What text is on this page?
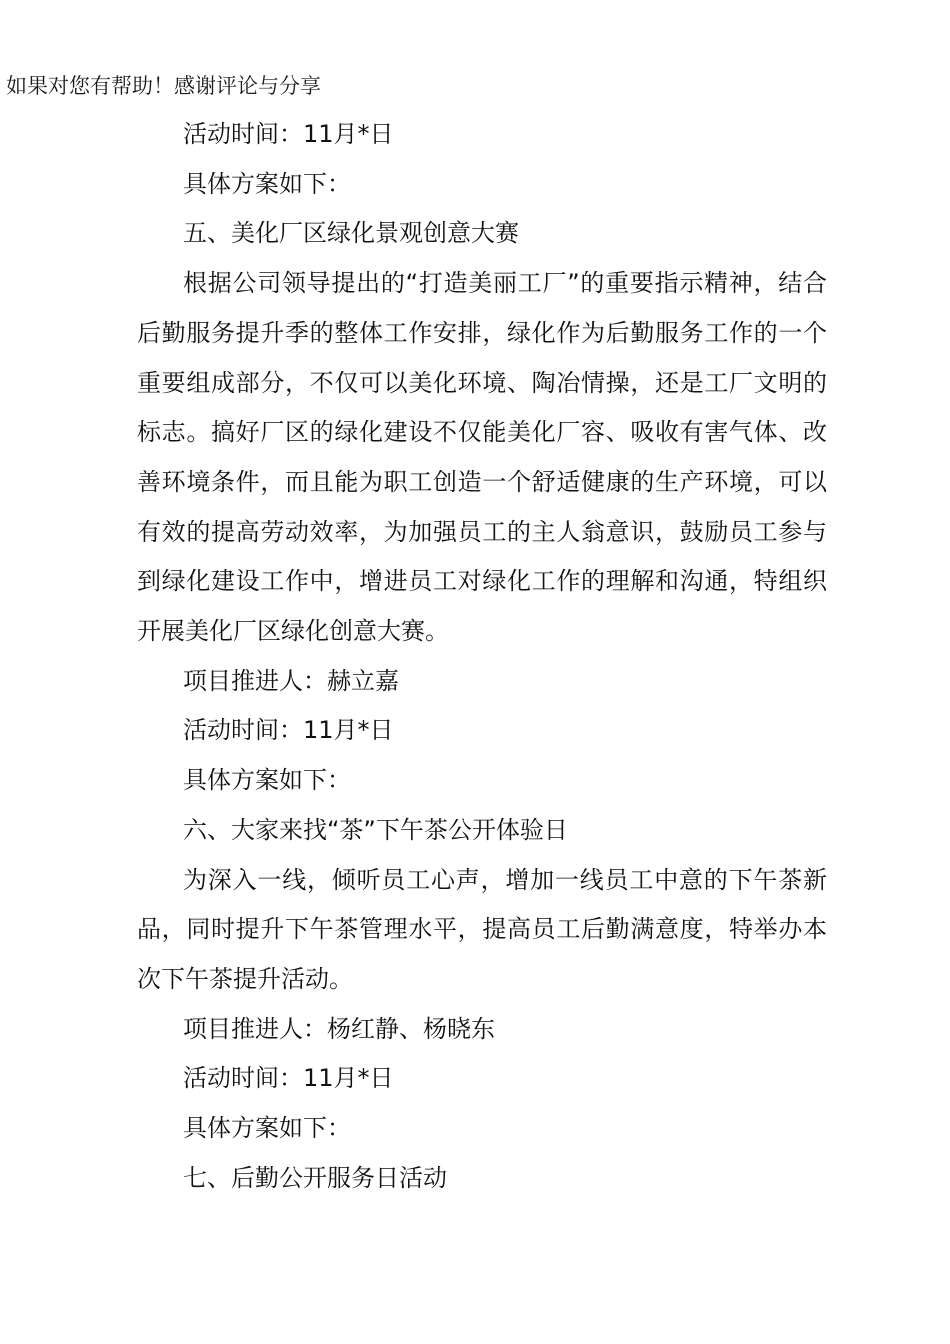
如果对您有帮助！感谢评论与分享

活动时间：11月*日

具体方案如下：

五、美化厂区绿化景观创意大赛

根据公司领导提出的“打造美丽工厂”的重要指示精神，结合后勤服务提升季的整体工作安排，绿化作为后勤服务工作的一个重要组成部分，不仅可以美化环境、陶冶情操，还是工厂文明的标志。搞好厂区的绿化建设不仅能美化厂容、吸收有害气体、改善环境条件，而且能为职工创造一个舒适健康的生产环境，可以有效的提高劳动效率，为加强员工的主人翁意识，鼓励员工参与到绿化建设工作中，增进员工对绿化工作的理解和沟通，特组织开展美化厂区绿化创意大赛。

项目推进人：赫立嘉

活动时间：11月*日

具体方案如下：

六、大家来找“茶”下午茶公开体验日

为深入一线，倾听员工心声，增加一线员工中意的下午茶新品，同时提升下午茶管理水平，提高员工后勤满意度，特举办本次下午茶提升活动。

项目推进人：杨红静、杨晓东

活动时间：11月*日

具体方案如下：

七、后勤公开服务日活动
